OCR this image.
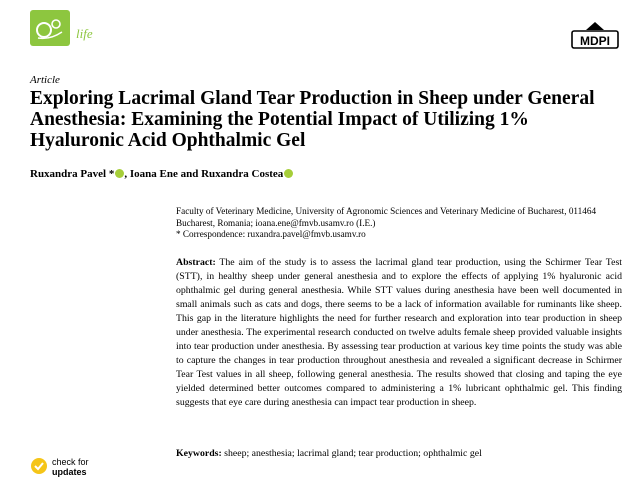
life	MDPI
Article
Exploring Lacrimal Gland Tear Production in Sheep under General Anesthesia: Examining the Potential Impact of Utilizing 1% Hyaluronic Acid Ophthalmic Gel
Ruxandra Pavel * , Ioana Ene and Ruxandra Costea
Faculty of Veterinary Medicine, University of Agronomic Sciences and Veterinary Medicine of Bucharest, 011464 Bucharest, Romania; ioana.ene@fmvb.usamv.ro (I.E.)
* Correspondence: ruxandra.pavel@fmvb.usamv.ro

Abstract: The aim of the study is to assess the lacrimal gland tear production, using the Schirmer Tear Test (STT), in healthy sheep under general anesthesia and to explore the effects of applying 1% hyaluronic acid ophthalmic gel during general anesthesia. While STT values during anesthesia have been well documented in small animals such as cats and dogs, there seems to be a lack of information available for ruminants like sheep. This gap in the literature highlights the need for further research and exploration into tear production in sheep under anesthesia. The experimental research conducted on twelve adults female sheep provided valuable insights into tear production under anesthesia. By assessing tear production at various key time points the study was able to capture the changes in tear production throughout anesthesia and revealed a significant decrease in Schirmer Tear Test values in all sheep, following general anesthesia. The results showed that closing and taping the eye yielded determined better outcomes compared to administering a 1% lubricant ophthalmic gel. This finding suggests that eye care during anesthesia can impact tear production in sheep.

Keywords: sheep; anesthesia; lacrimal gland; tear production; ophthalmic gel
check for
updates
